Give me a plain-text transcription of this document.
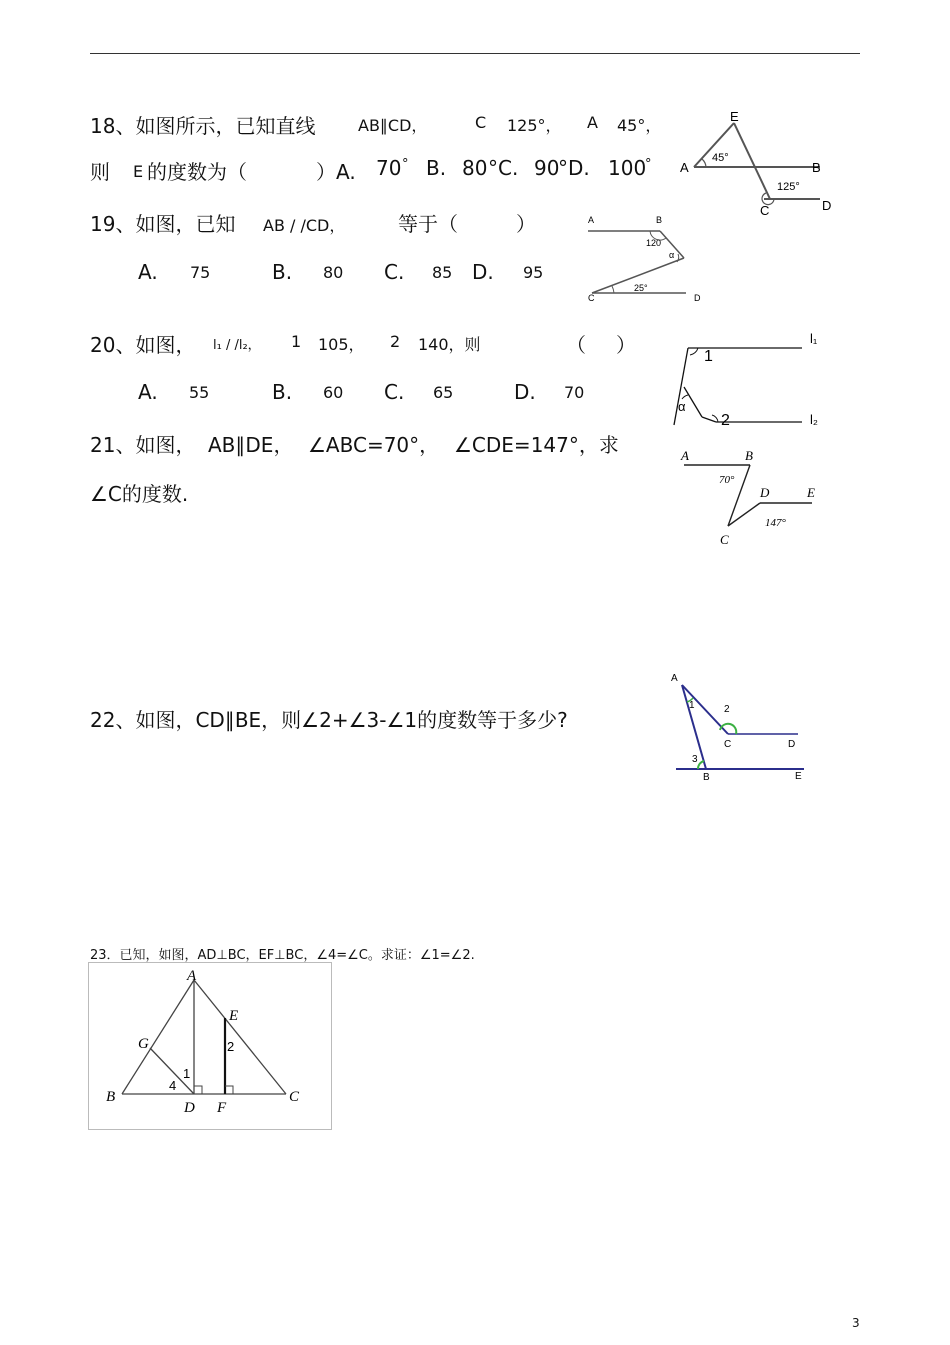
18、如图所示，已知直线	AB∥CD，	C 125°， A 45°，
则 E 的度数为（	）A. 70 ° B. 80 °C. 90
°D. 100
°
E
A	B
C	D
45°
125°
19、如图，已知 AB / /CD，	等于（	）
A. 75	B. 80 C. 85 D. 95
A	B
C	D
120
α
25°
20、如图， l₁ / /l₂， 1 105， 2 140，则	（ ）
A. 55	B. 60 C. 65	D. 70
1
α
2
l₁
l₂
21、如图， AB∥DE， ∠ABC=70°， ∠CDE=147°，求
∠C的度数.
A	B
C
D	E
70°
147°
22、如图，CD∥BE，则∠2+∠3-∠1的度数等于多少?
A
1	2
C	D
3
B	E
23．已知，如图，AD⊥BC，EF⊥BC，∠4=∠C。求证：∠1=∠2.
A
B	C
D
E
F
G
1
2
4
3
